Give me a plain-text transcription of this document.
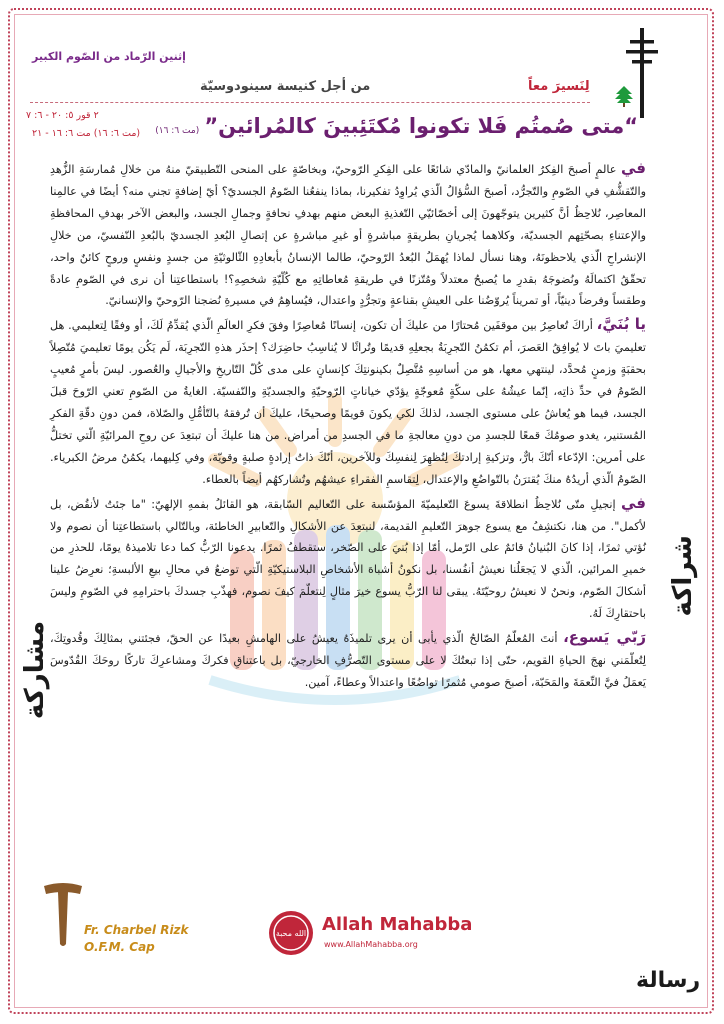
إثنين الرّماد من الصّوم الكبير
لِنَسيرَ معاً
من أجل كنيسة سينودوسيّة
٢ قور ٥: ٢٠ - ٦: ٧
(مت ٦: ١٦) مت ٦: ١٦ - ٢١	“متى صُمتُم فَلا تكونوا مُكتَئِبينَ كالمُرائين” (مت ٦: ١٦)
شراكة
مشاركة
رسالة

في عالمٍ أصبحَ الفِكرُ العلمانيّ والمادّي شائعًا على الفِكرِ الرّوحيّ، وبخاصّةٍ على المنحى التّطبيقيّ منهُ من خلالِ مُمارسَةِ الزُّهدِ والتّقشُّفِ في الصّومِ والتّجرُّد، أصبحَ السُّؤالُ الّذي يُراوِدُ تفكيرنا، بماذا ينفعُنا الصّومُ الجسديّ؟ أيّ إضافةٍ تجني منه؟ أيضًا في عالمِنا المعاصِر، نُلاحِظُ أنَّ كثيرين يتوجّهونَ إلى أخصّائيّي التّغذيةِ البعض منهم بهدفِ نحافةٍ وجمالِ الجسد، والبعض الآخر بهدفِ المحافظةِ والإعتناءِ بصحّتِهم الجسديّة، وكلاهما يُجريانِ بطريقةٍ مباشرةٍ أو غيرِ مباشرةٍ عن إتصالِ البُعدِ الجسديّ بالبُعدِ النّفسيّ، من خلالِ الإنشراحِ الّذي يلاحظونَهُ، وهنا نسأل لماذا يُهمَلُ البُعدُ الرّوحيّ، طالما الإنسانُ بأبعادِهِ الثّالوثيّةِ من جسدٍ ونفسٍ وروحٍ كائنٌ واحد، تحقّقُ اكتمالَهُ ونُضوجَهُ بقدرِ ما يُصبحُ معتدلاً ومُتّزنًا في طريقةِ مُعاطاتِهِ مع كُلّيّةِ شخصِهِ؟! باستطاعتِنا أن نرى في الصّومِ عادةً وطقساً وفرضاً دينيّاً، أو تمريناً يُروّضُنا على العيشِ بقناعةٍ وتجرُّدٍ واعتدال، فيُساهِمُ في مسيرةِ نُضجنا الرّوحيّ والإنسانيّ.

يا بُنَيَّ، أراكَ تُعاصِرُ بين موقفَين مُحتارًا من عليكَ أن تكون، إنسانًا مُعاصِرًا وفقَ فكرِ العالَمِ الّذي يُقدِّمُ لَكَ، أو وفقًا لِتعليمي. هل تعليميَ باتَ لا يُوافِقُ العَصرَ، أم تكمُنُ التّجرِبَةُ بجعلِهِ قديمًا وتُراثًا لا يُناسِبُ حاضِرَك؟ إحذَر هذهِ التّجرِبَة، لَم يَكُن يومًا تعليميَ مُتّصِلاً بحقبَةٍ وزمنٍ مُحدَّد، لينتهي معها، هو من أساسِهِ مُتَّصِلٌ بكينونتِكَ كإنسانٍ على مدى كُلّ التّاريخِ والأجيالِ والعُصور. ليسَ بأمرٍ مُعيبٍ الصّومُ في حدِّ ذاتِه، إنّما عيشُهُ على سكّةٍ مُعوجّةٍ يؤدّي خياناتٍ الرّوحيّةِ والجسديّةِ والنّفسيّة. الغايةُ من الصّومِ تعني الرّوحَ قبلَ الجسد، فيما هو يُعاشُ على مستوى الجسد، لذلكَ لكي يكونَ قويمًا وصحيحًا، عليكَ أن تُرفقهُ بالتّأمُّلِ والصّلاة، فمن دونِ دقّةِ الفكرِ المُستنير، يغدو صومُكَ قمعًا للجسدِ من دونِ معالجةِ ما في الجسدِ من أمراض. من هنا عليكَ أن تبتعِدَ عن روحِ المرائيّةِ الّتي تختلُّ على أمرين: الإدّعاء أنّكَ بارٌّ، وتزكيةِ إرادتكَ لِتُظهِرَ لِنفسِكَ وللآخرين، أنّكَ ذاتُ إرادةٍ صلبةٍ وقويّة، وفي كِليهما، يكمُنُ مرضُ الكبرياء. الصّومُ الّذي أريدُهُ منكَ يُقترَنُ بالتّواضُعِ والإعتدال، لِتقاسمِ الفقراءِ عيشهُم وتُشاركهُم أيضاً بالعطاء.

في إنجيلِ متّى نُلاحِظُ انطلاقةَ يسوعَ التّعليميّةَ المؤسّسة على التّعاليم السّابقة، هو القائلُ بفمهِ الإلهيّ: "ما جئتُ لأنقُض، بل لأكمل". من هنا، نكتشِفُ مع يسوع جوهرَ التّعليمِ القديمة، لنبتعِدَ عن الأشكالِ والتّعابيرِ الخاطئة، وبالتّالي باستطاعتِنا أن نصوم ولا نُؤتي ثمرًا، إذا كانَ البُنيانُ قائمٌ على الرّمل، أمّا إذا بُنيَ على الصّخر، ستقطفُ ثمرًا. يدعونا الرّبُّ كما دعا تلاميذهُ يومًا، للحذرِ من خميرِ المرائين، الّذي لا يَجعَلُنا نعيشُ أنفُسنا، بل نكونُ أشباهَ الأشخاصِ البلاستيكيّةِ الّتي توضعُ في محالِ بيعِ الألبسةِ؛ نعرِضُ علينا أشكالَ الصّوم، ونحنُ لا نعيشُ روحيّتَهُ. يبقى لنا الرّبُّ يسوع خيرَ مثالٍ لِنتعلّمَ كيفَ نصوم، فهذّبِ جسدكَ باحترامِهِ في الصّومِ وليسَ باحتقارِكَ لَهُ.

رَبّي يَسوع، أنتَ المُعلّمُ الصّالحُ الّذي يأبى أن يرى تلميذَهُ يعيشُ على الهامشِ بعيدًا عن الحقّ، فجئتني بمثالِكَ وقُدوتِكَ، لِتُعلّمَني نهجَ الحياةِ القويم، حتّى إذا تبعتُكَ لا على مستوى التّصرُّفِ الخارجيّ، بل باعتناقِ فكركَ ومشاعرِكَ تاركًا روحَكَ القُدّوسَ يَعمَلُ فيَّ النِّعمَةَ والمَحَبّة، أصبحَ صومي مُثمرًا تواضُعًا واعتدالاً وعطاءً، آمين.

Fr. Charbel Rizk
O.F.M. Cap
الله محبة Allah Mahabba
www.AllahMahabba.org
